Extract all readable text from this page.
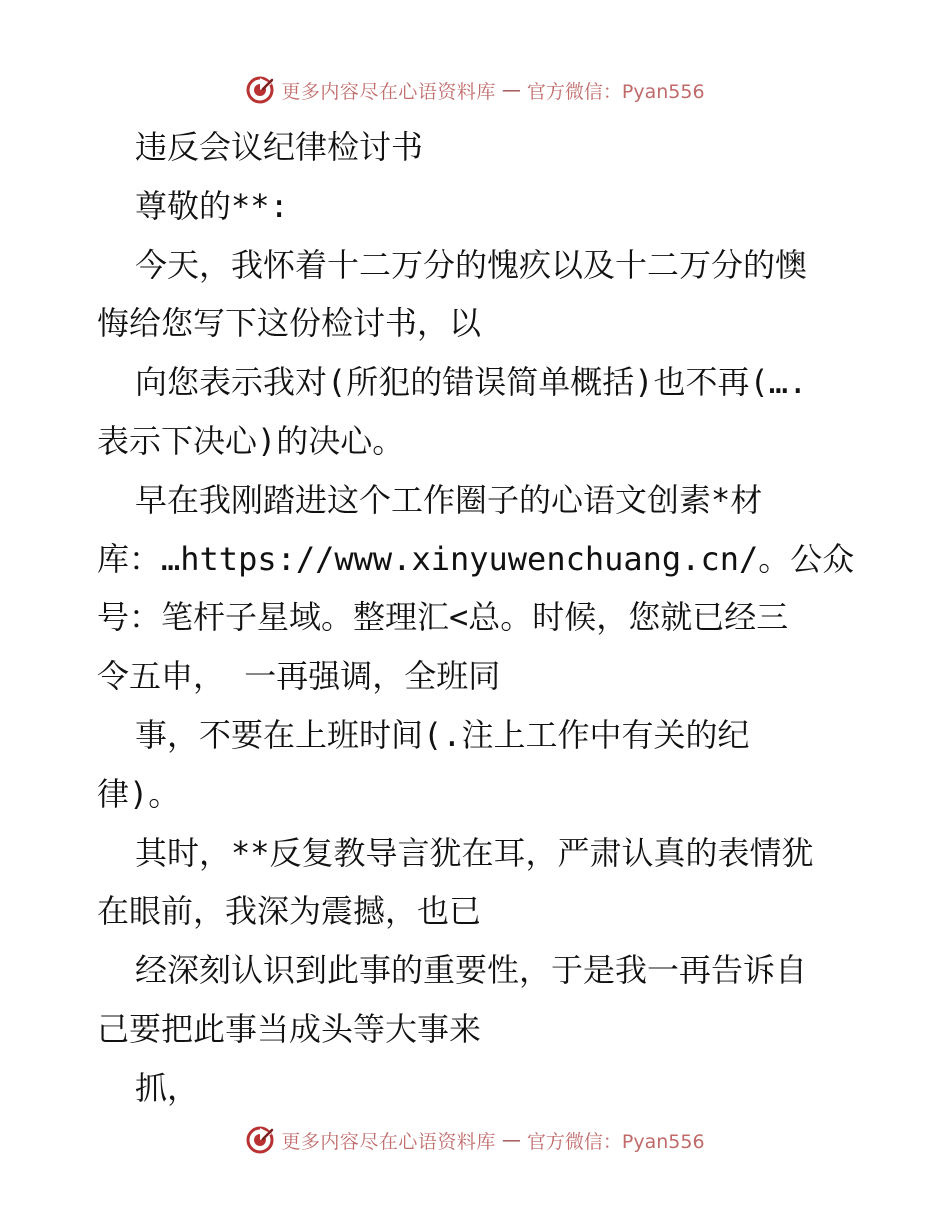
更多内容尽在心语资料库 — 官方微信：Pyan556
违反会议纪律检讨书
尊敬的**:
今天，我怀着十二万分的愧疚以及十二万分的懊
悔给您写下这份检讨书，以
向您表示我对(所犯的错误简单概括)也不再(….
表示下决心)的决心。
早在我刚踏进这个工作圈子的心语文创素*材
库：…https://www.xinyuwenchuang.cn/。公众
号：笔杆子星域。整理汇<总。时候，您就已经三
令五申， 一再强调，全班同
事，不要在上班时间(.注上工作中有关的纪
律)。
其时，**反复教导言犹在耳，严肃认真的表情犹
在眼前，我深为震撼，也已
经深刻认识到此事的重要性，于是我一再告诉自
己要把此事当成头等大事来
抓，
更多内容尽在心语资料库 — 官方微信：Pyan556
